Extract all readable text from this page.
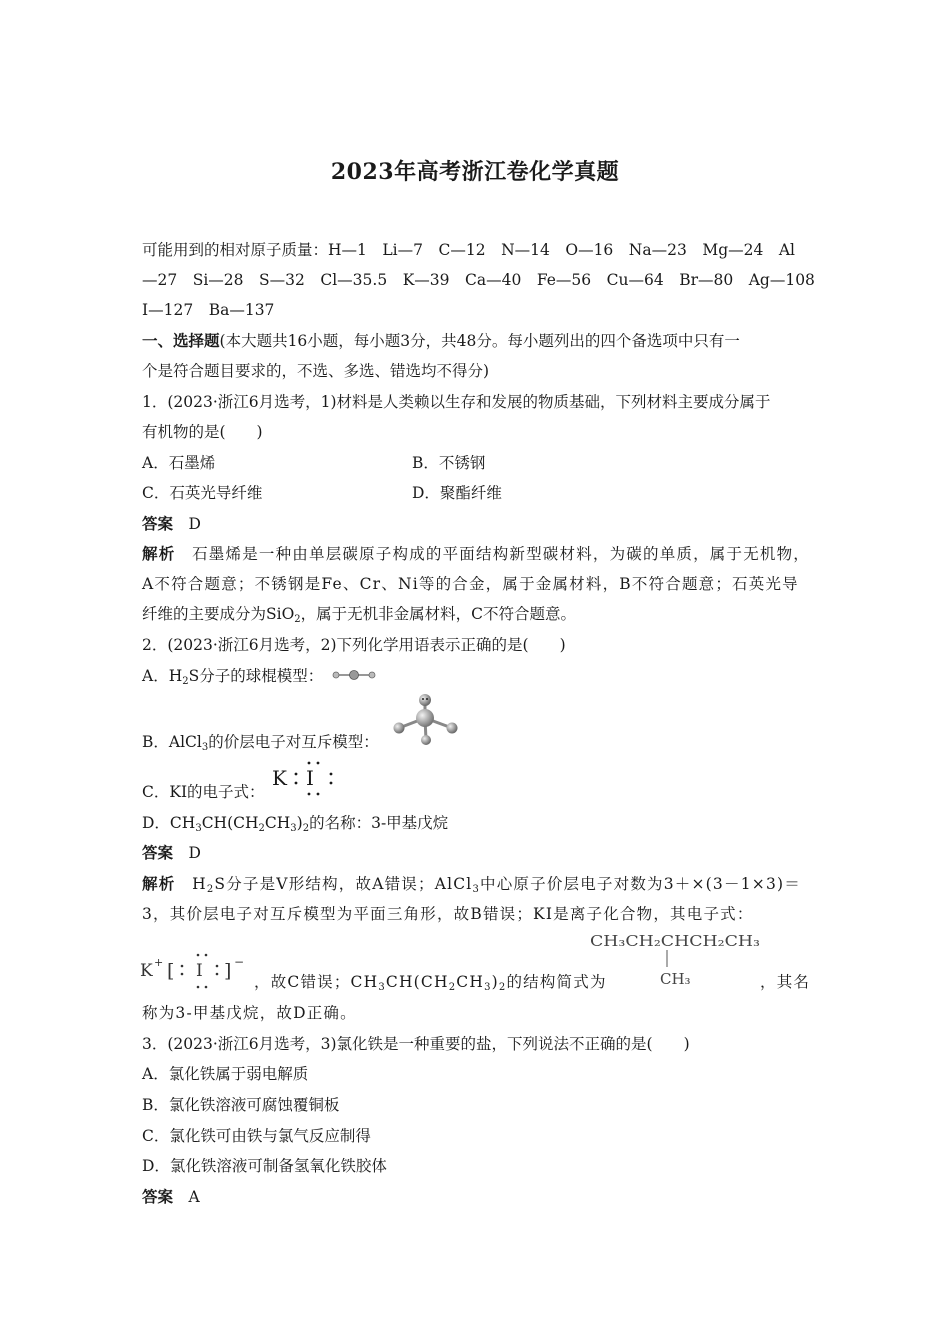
2023年高考浙江卷化学真题
可能用到的相对原子质量：H—1　Li—7　C—12　N—14　O—16　Na—23　Mg—24　Al
—27　Si—28　S—32　Cl—35.5　K—39　Ca—40　Fe—56　Cu—64　Br—80　Ag—108
I—127　Ba—137
一、选择题(本大题共16小题，每小题3分，共48分。每小题列出的四个备选项中只有一
个是符合题目要求的，不选、多选、错选均不得分)
1．(2023·浙江6月选考，1)材料是人类赖以生存和发展的物质基础，下列材料主要成分属于
有机物的是(　　)
A．石墨烯	B．不锈钢
C．石英光导纤维	D．聚酯纤维
答案　 D
解析　 石墨烯是一种由单层碳原子构成的平面结构新型碳材料，为碳的单质，属于无机物，
A不符合题意；不锈钢是Fe、Cr、Ni等的合金，属于金属材料，B不符合题意；石英光导
纤维的主要成分为SiO$_2$，属于无机非金属材料，C不符合题意。
2．(2023·浙江6月选考，2)下列化学用语表示正确的是(　　)
A．$H_2S$分子的球棍模型：
B．AlCl$_3$的价层电子对互斥模型：
C．KI的电子式：
K I
D．$CH_3CH(CH_2CH_3)_2$的名称：3-甲基戊烷
答案　 D
解析　 $H_2S$分子是V形结构，故A错误；AlCl$_3$中心原子价层电子对数为3＋×(3－1×3)＝
3，其价层电子对互斥模型为平面三角形，故B错误；KI是离子化合物，其电子式：
K + [ I ] −
，故C错误；$CH_3CH(CH_2CH_3)_2$的结构简式为
CH₃CH₂CHCH₂CH₃
CH₃	，其名
称为3-甲基戊烷，故D正确。
3．(2023·浙江6月选考，3)氯化铁是一种重要的盐，下列说法不正确的是(　　)
A．氯化铁属于弱电解质
B．氯化铁溶液可腐蚀覆铜板
C．氯化铁可由铁与氯气反应制得
D．氯化铁溶液可制备氢氧化铁胶体
答案　 A
